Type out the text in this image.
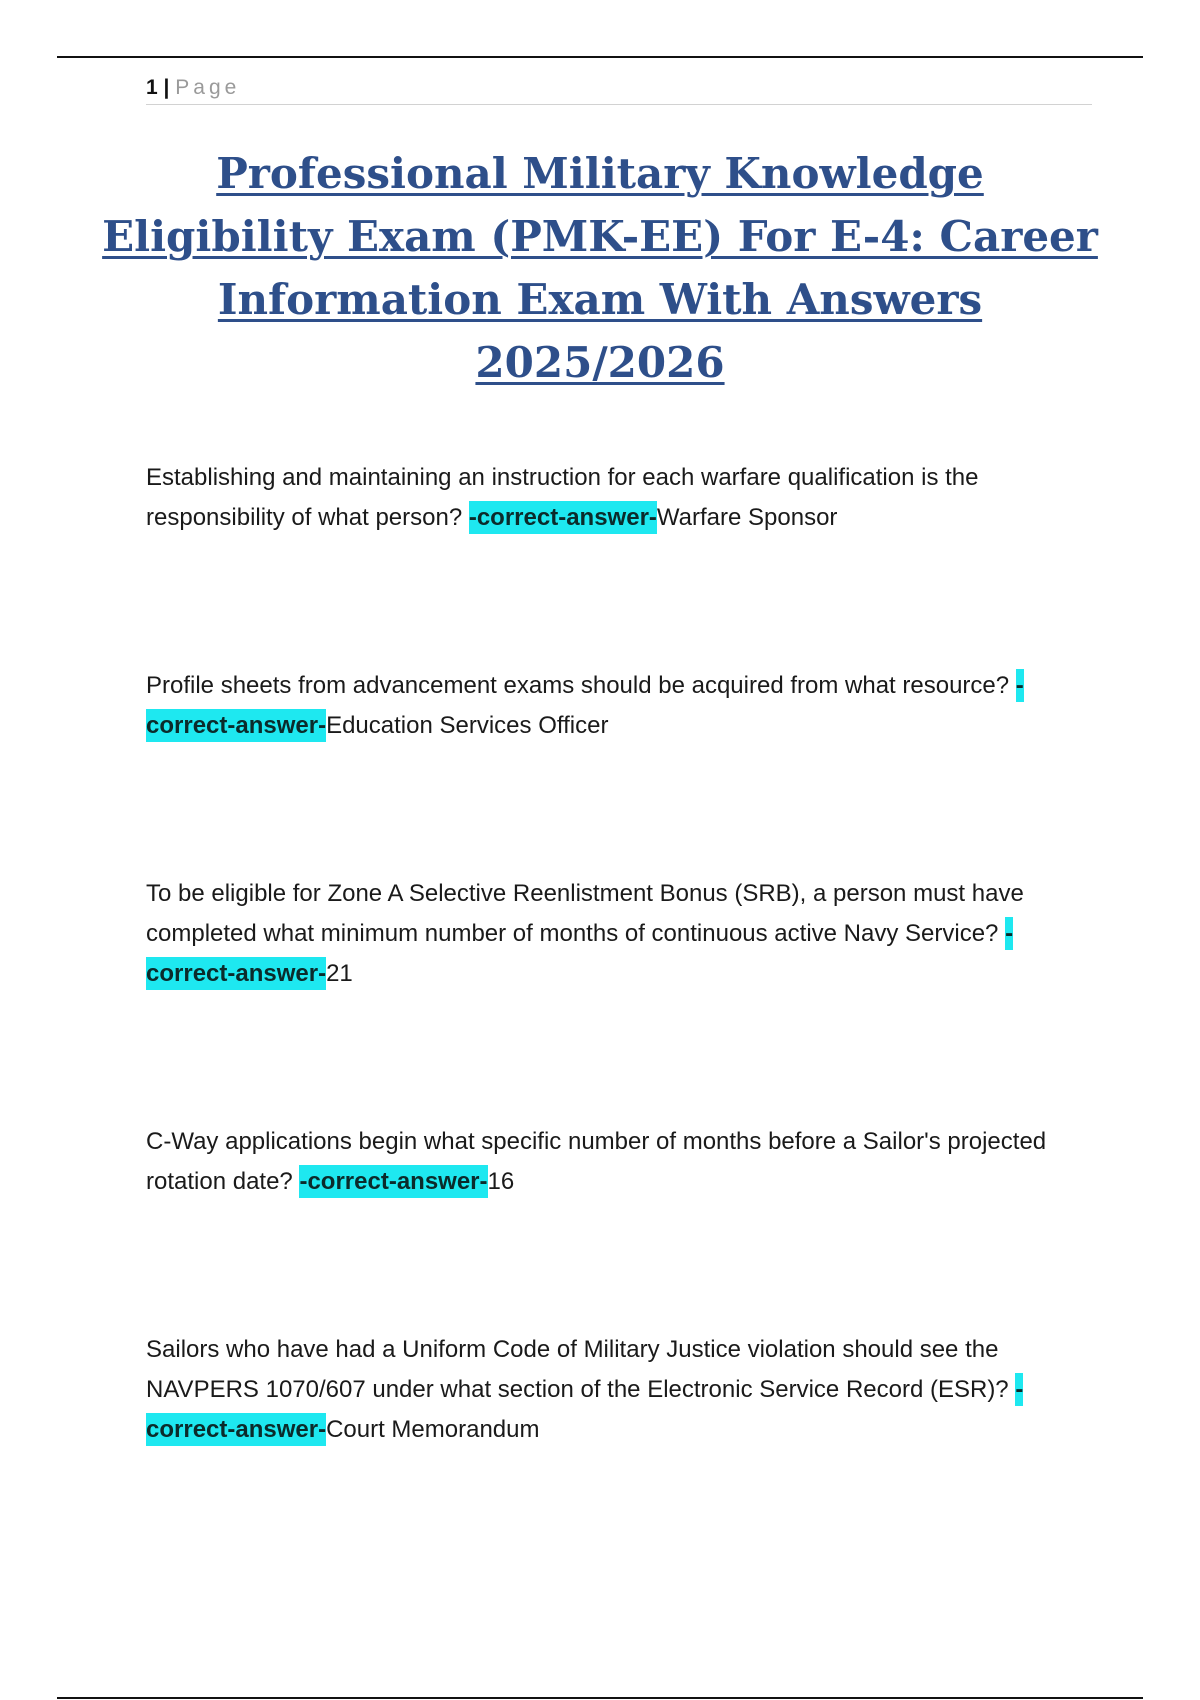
1 | Page
Professional Military Knowledge Eligibility Exam (PMK-EE) For E-4: Career Information Exam With Answers 2025/2026

Establishing and maintaining an instruction for each warfare qualification is the responsibility of what person? -correct-answer-Warfare Sponsor

Profile sheets from advancement exams should be acquired from what resource? -correct-answer-Education Services Officer

To be eligible for Zone A Selective Reenlistment Bonus (SRB), a person must have completed what minimum number of months of continuous active Navy Service? -correct-answer-21

C-Way applications begin what specific number of months before a Sailor's projected rotation date? -correct-answer-16

Sailors who have had a Uniform Code of Military Justice violation should see the NAVPERS 1070/607 under what section of the Electronic Service Record (ESR)? -correct-answer-Court Memorandum
